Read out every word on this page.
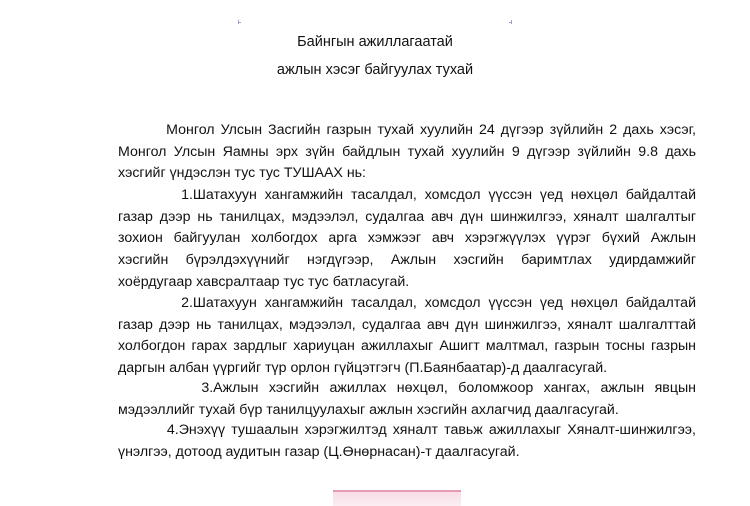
Байнгын ажиллагаатай
ажлын хэсэг байгуулах тухай
Монгол Улсын Засгийн газрын тухай хуулийн 24 дүгээр зүйлийн 2 дахь хэсэг,
Монгол Улсын Яамны эрх зүйн байдлын тухай хуулийн 9 дүгээр зүйлийн 9.8 дахь
хэсгийг үндэслэн тус тус ТУШААХ нь:
1.Шатахуун хангамжийн тасалдал, хомсдол үүссэн үед нөхцөл байдалтай
газар дээр нь танилцах, мэдээлэл, судалгаа авч дүн шинжилгээ, хяналт шалгалтыг
зохион байгуулан холбогдох арга хэмжээг авч хэрэгжүүлэх үүрэг бүхий Ажлын
хэсгийн бүрэлдэхүүнийг нэгдүгээр, Ажлын хэсгийн баримтлах удирдамжийг
хоёрдугаар хавсралтаар тус тус батласугай.
2.Шатахуун хангамжийн тасалдал, хомсдол үүссэн үед нөхцөл байдалтай
газар дээр нь танилцах, мэдээлэл, судалгаа авч дүн шинжилгээ, хяналт шалгалттай
холбогдон гарах зардлыг хариуцан ажиллахыг Ашигт малтмал, газрын тосны газрын
даргын албан үүргийг түр орлон гүйцэтгэгч (П.Баянбаатар)-д даалгасугай.
3.Ажлын хэсгийн ажиллах нөхцөл, боломжоор хангах, ажлын явцын
мэдээллийг тухай бүр танилцуулахыг ажлын хэсгийн ахлагчид даалгасугай.
4.Энэхүү тушаалын хэрэгжилтэд хяналт тавьж ажиллахыг Хяналт-шинжилгээ,
үнэлгээ, дотоод аудитын газар (Ц.Өнөрнасан)-т даалгасугай.
